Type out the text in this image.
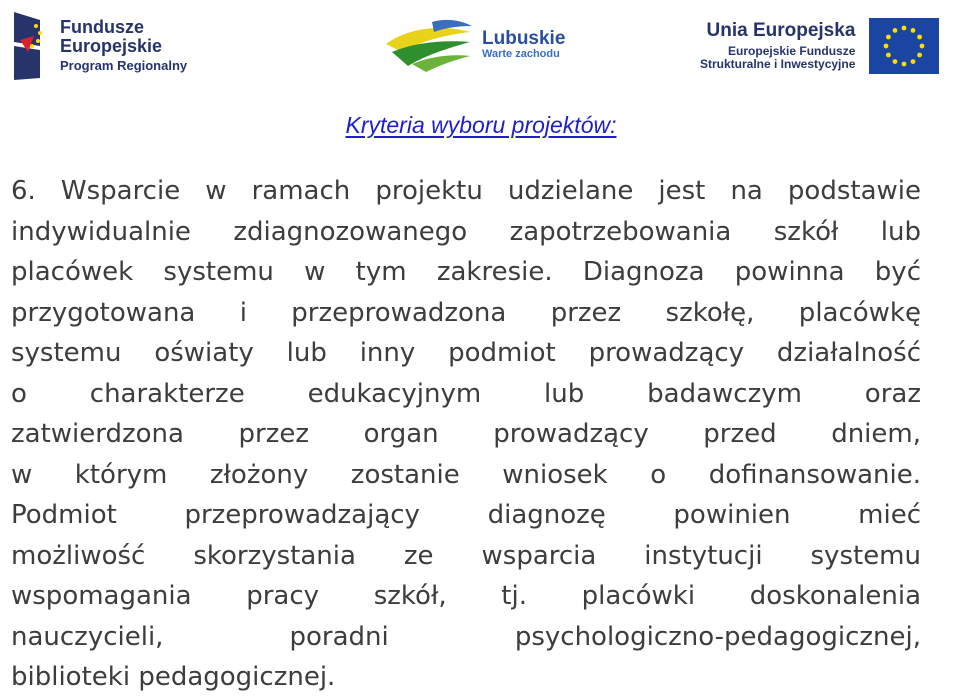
Fundusze
Europejskie
Program Regionalny
Lubuskie
Warte zachodu
Unia Europejska
Europejskie Fundusze
Strukturalne i Inwestycyjne
Kryteria wyboru projektów:
6. Wsparcie w ramach projektu udzielane jest na podstawie
indywidualnie zdiagnozowanego zapotrzebowania szkół lub
placówek systemu w tym zakresie. Diagnoza powinna być
przygotowana i przeprowadzona przez szkołę, placówkę
systemu oświaty lub inny podmiot prowadzący działalność
o charakterze edukacyjnym lub badawczym oraz
zatwierdzona przez organ prowadzący przed dniem,
w którym złożony zostanie wniosek o dofinansowanie.
Podmiot przeprowadzający diagnozę powinien mieć
możliwość skorzystania ze wsparcia instytucji systemu
wspomagania pracy szkół, tj. placówki doskonalenia
nauczycieli, poradni psychologiczno-pedagogicznej,
biblioteki pedagogicznej.
